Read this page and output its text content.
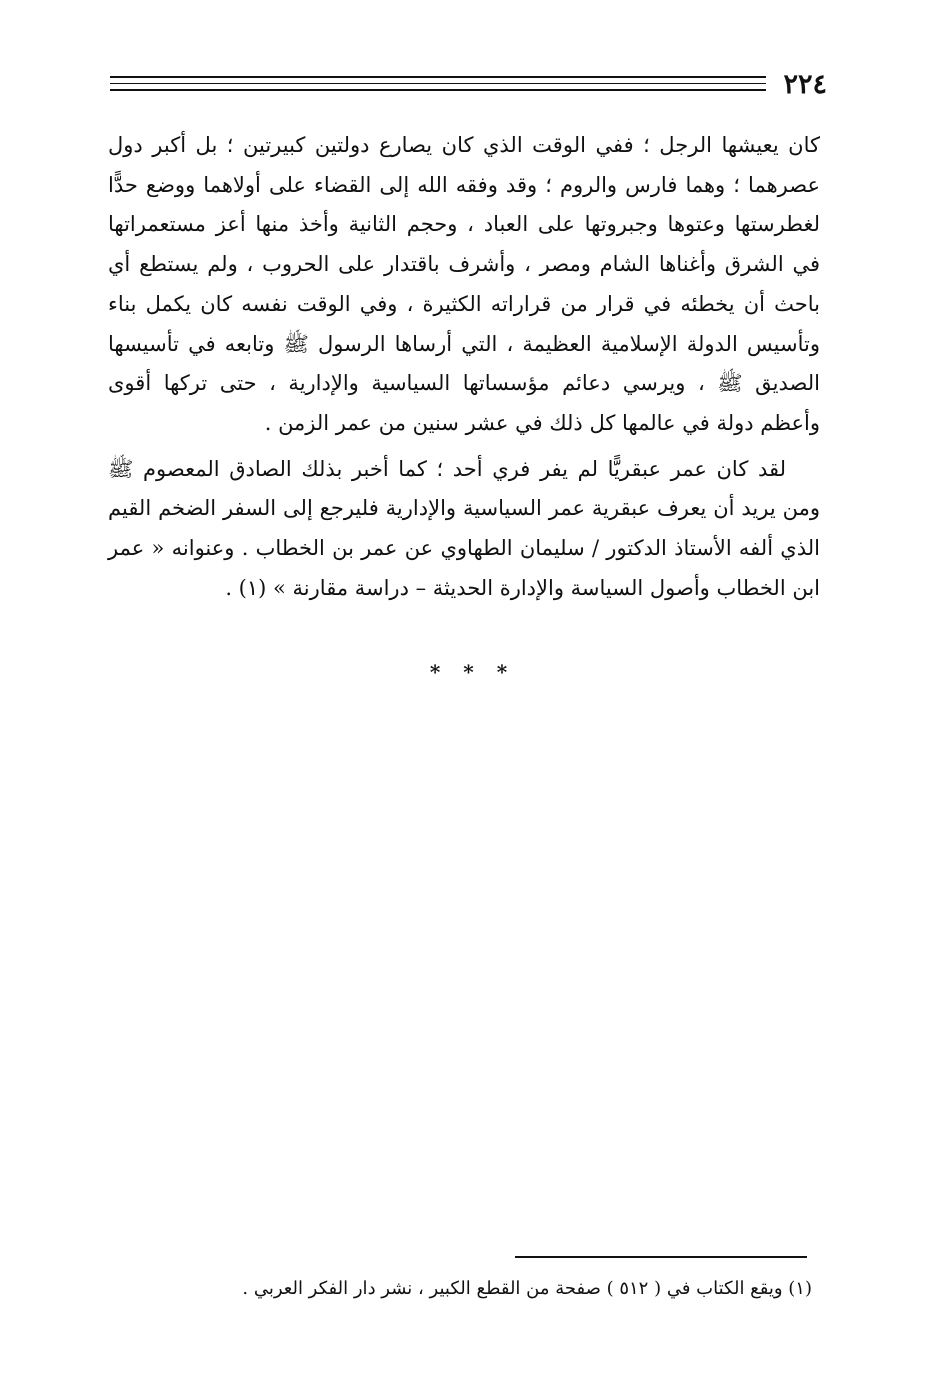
٢٢٤

كان يعيشها الرجل ؛ ففي الوقت الذي كان يصارع دولتين كبيرتين ؛ بل أكبر دول عصرهما ؛ وهما فارس والروم ؛ وقد وفقه الله إلى القضاء على أولاهما ووضع حدًّا لغطرستها وعتوها وجبروتها على العباد ، وحجم الثانية وأخذ منها أعز مستعمراتها في الشرق وأغناها الشام ومصر ، وأشرف باقتدار على الحروب ، ولم يستطع أي باحث أن يخطئه في قرار من قراراته الكثيرة ، وفي الوقت نفسه كان يكمل بناء وتأسيس الدولة الإسلامية العظيمة ، التي أرساها الرسول ﷺ وتابعه في تأسيسها الصديق ﷺ ، ويرسي دعائم مؤسساتها السياسية والإدارية ، حتى تركها أقوى وأعظم دولة في عالمها كل ذلك في عشر سنين من عمر الزمن .

لقد كان عمر عبقريًّا لم يفر فري أحد ؛ كما أخبر بذلك الصادق المعصوم ﷺ ومن يريد أن يعرف عبقرية عمر السياسية والإدارية فليرجع إلى السفر الضخم القيم الذي ألفه الأستاذ الدكتور / سليمان الطهاوي عن عمر بن الخطاب . وعنوانه « عمر ابن الخطاب وأصول السياسة والإدارة الحديثة – دراسة مقارنة » (١) .

* * *
(١) ويقع الكتاب في ( ٥١٢ ) صفحة من القطع الكبير ، نشر دار الفكر العربي .
